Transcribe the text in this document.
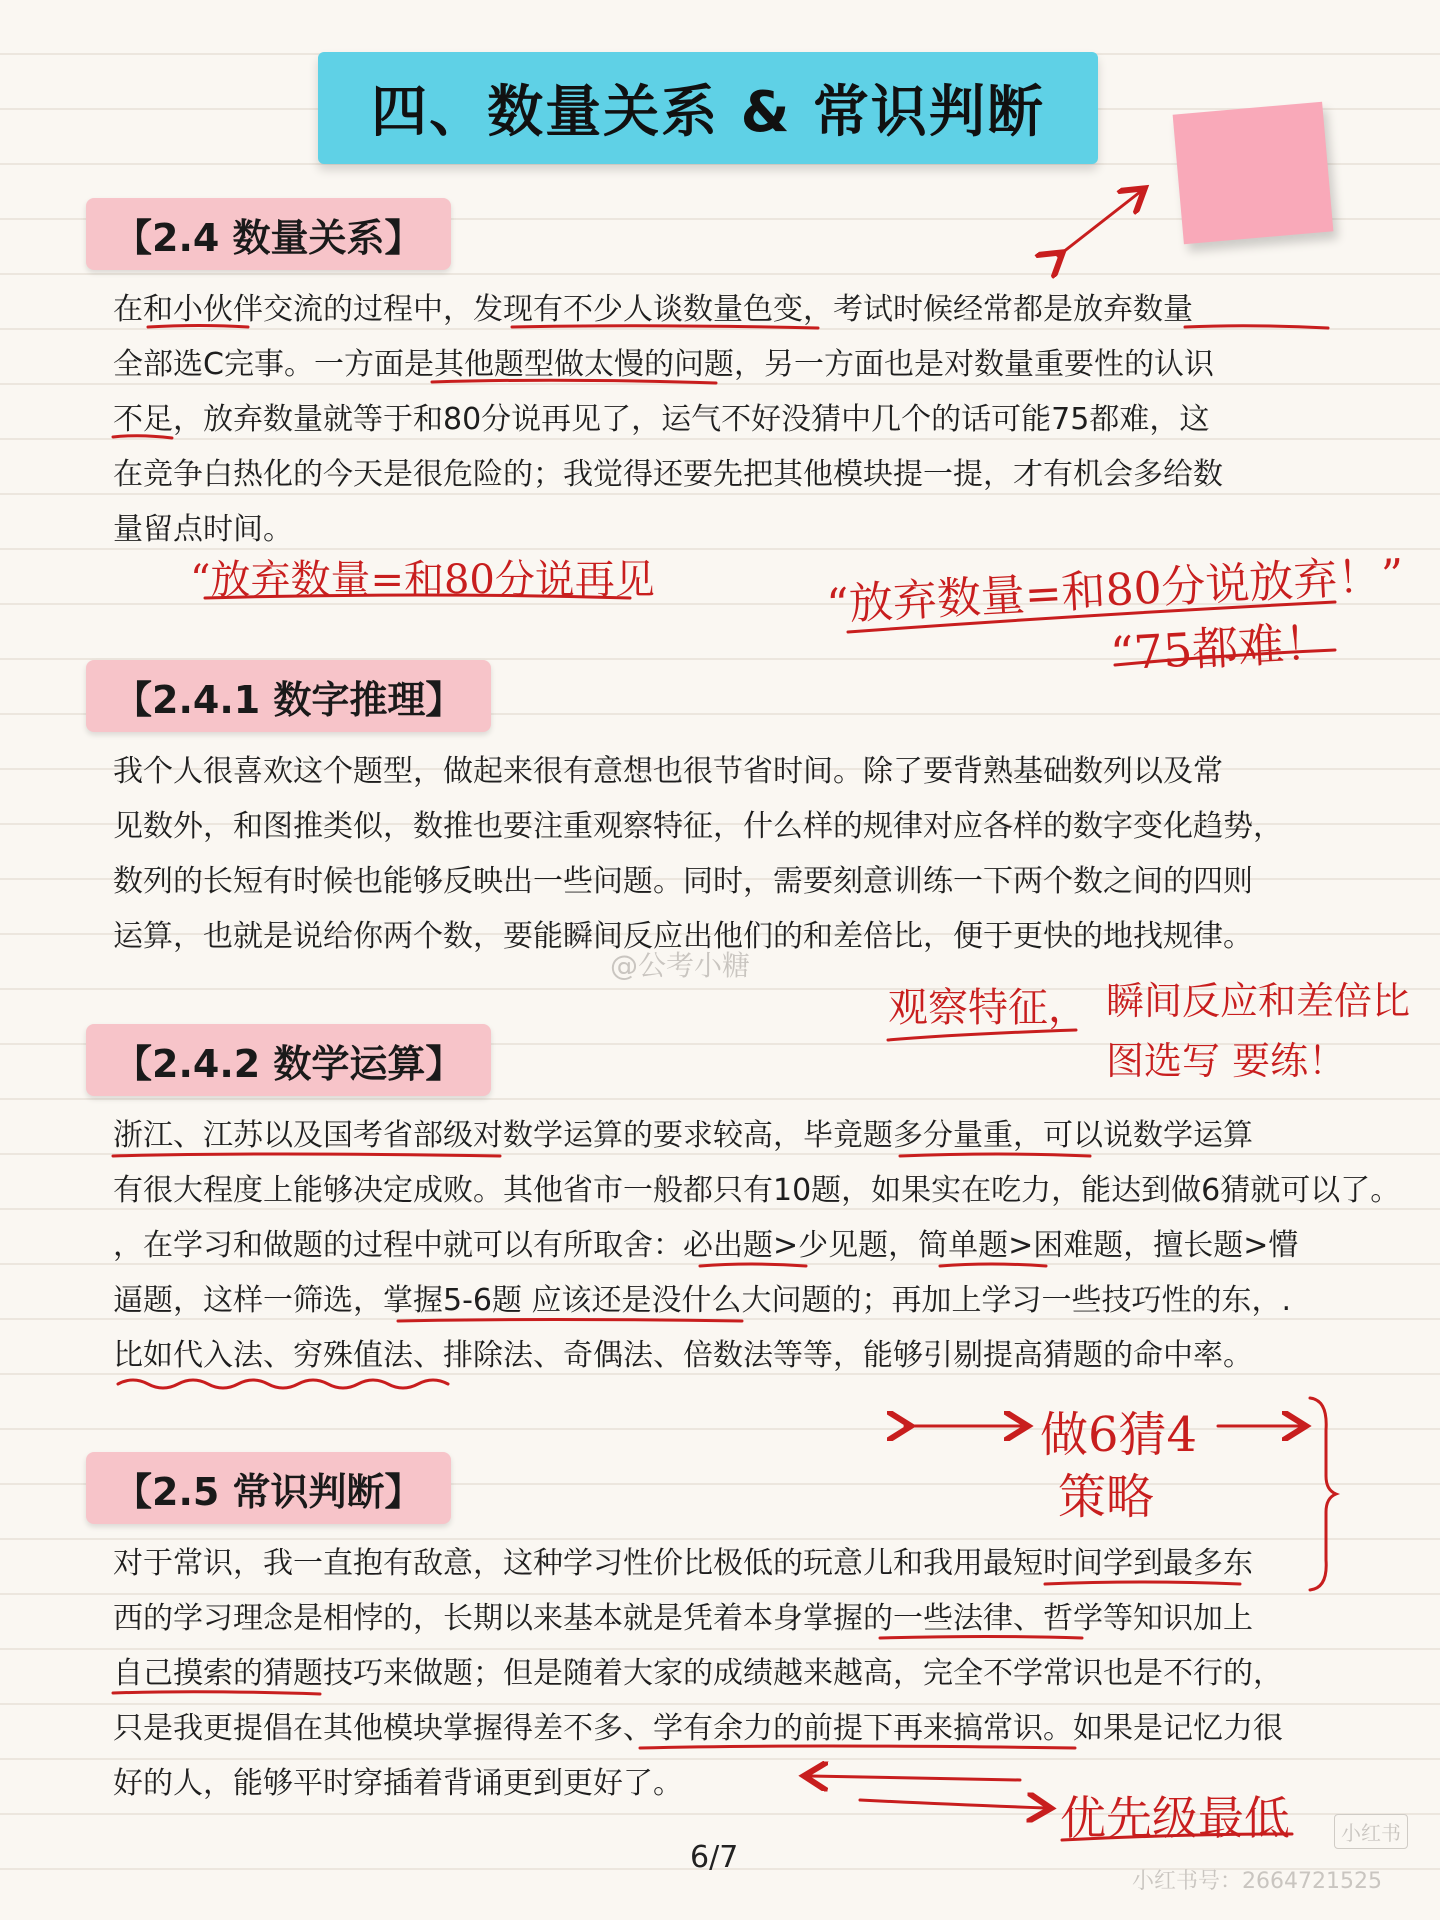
四、数量关系 & 常识判断
【2.4 数量关系】

在和小伙伴交流的过程中，发现有不少人谈数量色变，考试时候经常都是放弃数量

全部选C完事。一方面是其他题型做太慢的问题，另一方面也是对数量重要性的认识

不足，放弃数量就等于和80分说再见了，运气不好没猜中几个的话可能75都难，这

在竞争白热化的今天是很危险的；我觉得还要先把其他模块提一提，才有机会多给数

量留点时间。

“放弃数量=和80分说再见	“放弃数量=和80分说放弃！”
“75都难！
【2.4.1 数字推理】

我个人很喜欢这个题型，做起来很有意想也很节省时间。除了要背熟基础数列以及常

见数外，和图推类似，数推也要注重观察特征，什么样的规律对应各样的数字变化趋势，

数列的长短有时候也能够反映出一些问题。同时，需要刻意训练一下两个数之间的四则

运算，也就是说给你两个数，要能瞬间反应出他们的和差倍比，便于更快的地找规律。

@公考小糖
观察特征， 瞬间反应和差倍比
图选写 要练！
【2.4.2 数学运算】

浙江、江苏以及国考省部级对数学运算的要求较高，毕竟题多分量重，可以说数学运算

有很大程度上能够决定成败。其他省市一般都只有10题，如果实在吃力，能达到做6猜就可以了。

，在学习和做题的过程中就可以有所取舍：必出题>少见题，简单题>困难题，擅长题>懵

逼题，这样一筛选，掌握5-6题 应该还是没什么大问题的；再加上学习一些技巧性的东，.

比如代入法、穷殊值法、排除法、奇偶法、倍数法等等，能够引剔提高猜题的命中率。

做6猜4
策略
【2.5 常识判断】

对于常识，我一直抱有敌意，这种学习性价比极低的玩意儿和我用最短时间学到最多东

西的学习理念是相悖的，长期以来基本就是凭着本身掌握的一些法律、哲学等知识加上

自己摸索的猜题技巧来做题；但是随着大家的成绩越来越高，完全不学常识也是不行的，

只是我更提倡在其他模块掌握得差不多、学有余力的前提下再来搞常识。如果是记忆力很

好的人，能够平时穿插着背诵更到更好了。

优先级最低
6/7
小红书
小红书号：2664721525
